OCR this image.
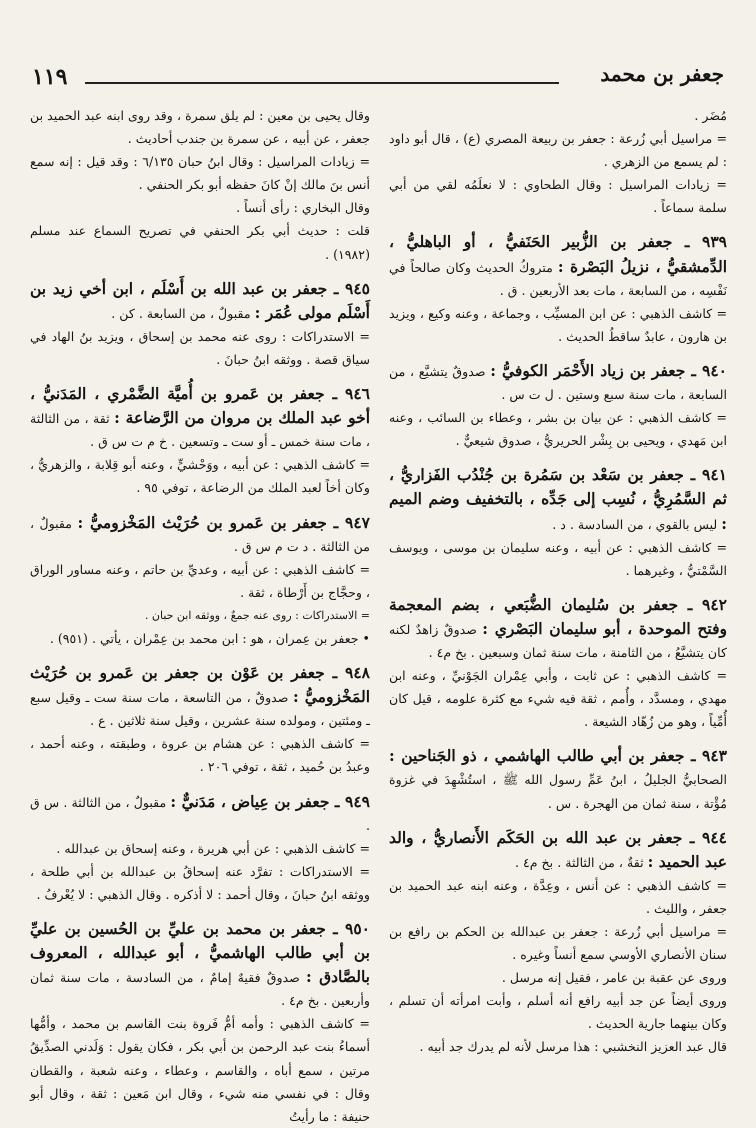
١١٩	جعفر بن محمد

مُضَر .

= مراسيل أبي زُرعة : جعفر بن ربيعة المصري (ع) ، قال أبو داود : لم يسمع من الزهري .

= زيادات المراسيل : وقال الطحاوي : لا نعلَمُه لقي من أبي سلمة سماعاً .

٩٣٩ ـ جعفر بن الزُّبير الحَنَفيُّ ، أو الباهليُّ ، الدِّمشقيُّ ، نزيلُ البَصْرة : متروكُ الحديث وكان صالحاً في نَفْسِه ، من السابعة ، مات بعد الأربعين . ق .

= كاشف الذهبي : عن ابن المسيِّب ، وجماعة ، وعنه وكيع ، ويزيد بن هارون ، عابدٌ ساقطُ الحديث .

٩٤٠ ـ جعفر بن زياد الأَحْمَر الكوفيُّ : صدوقٌ يتشيَّع ، من السابعة ، مات سنة سبع وستين . ل ت س .

= كاشف الذهبي : عن بيان بن بشر ، وعطاء بن السائب ، وعنه ابن مَهدي ، ويحيى بن بِشْر الحريريُّ ، صدوق شيعيٌّ .

٩٤١ ـ جعفر بن سَعْد بن سَمُرة بن جُنْدُب الفَزاريُّ ، ثم السَّمُرِيُّ ، نُسِب إلى جَدِّه ، بالتخفيف وضم الميم : ليس بالقوي ، من السادسة . د .

= كاشف الذهبي : عن أبيه ، وعنه سليمان بن موسى ، ويوسف السَّمْتيُّ ، وغيرهما .

٩٤٢ ـ جعفر بن سُليمان الضُّبَعي ، بضم المعجمة وفتح الموحدة ، أبو سليمان البَصْري : صدوقٌ زاهدٌ لكنه كان يتشيَّعُ ، من الثامنة ، مات سنة ثمان وسبعين . بخ م٤ .

= كاشف الذهبي : عن ثابت ، وأبي عِمْران الجَوْنيِّ ، وعنه ابن مهدي ، ومسدَّد ، وأُمم ، ثقة فيه شيء مع كثرة علومه ، قيل كان أُمِّياً ، وهو من زُهّاد الشيعة .

٩٤٣ ـ جعفر بن أبي طالب الهاشمي ، ذو الجَناحين : الصحابيُّ الجليلُ ، ابنُ عَمِّ رسول الله ﷺ ، استُشْهِدَ في غزوة مُؤْتة ، سنة ثمان من الهجرة . س .

٩٤٤ ـ جعفر بن عبد الله بن الحَكَم الأَنصاريُّ ، والد عبد الحميد : ثقةٌ ، من الثالثة . بخ م٤ .

= كاشف الذهبي : عن أنس ، وعِدَّة ، وعنه ابنه عبد الحميد بن جعفر ، والليث .

= مراسيل أبي زُرعة : جعفر بن عبدالله بن الحكم بن رافع بن سنان الأنصاري الأوسي سمع أنساً وغيره .

وروى عن عقبة بن عامر ، فقيل إنه مرسل .

وروى أيضاً عن جد أبيه رافع أنه أسلم ، وأبت امرأته أن تسلم ، وكان بينهما جارية الحديث .

قال عبد العزيز النخشبي : هذا مرسل لأنه لم يدرك جد أبيه .

وقال يحيى بن معين : لم يلق سمرة ، وقد روى ابنه عبد الحميد بن جعفر ، عن أبيه ، عن سمرة بن جندب أحاديث .

= زيادات المراسيل : وقال ابنُ حبان ٦/١٣٥ : وقد قيل : إنه سمع أنس بنَ مالك إنْ كانَ حفظه أبو بكر الحنفي .

وقال البخاري : رأى أنساً .

قلت : حديث أبي بكر الحنفي في تصريح السماع عند مسلم (١٩٨٢) .

٩٤٥ ـ جعفر بن عبد الله بن أَسْلَم ، ابن أخي زيد بن أَسْلَم مولى عُمَر : مقبولٌ ، من السابعة . كن .

= الاستدراكات : روى عنه محمد بن إسحاق ، ويزيد بنُ الهاد في سياق قصة . ووثقه ابنُ حبانَ .

٩٤٦ ـ جعفر بن عَمرو بن أُميَّة الضَّمْري ، المَدَنيُّ ، أخو عبد الملك بن مروان من الرَّضاعة : ثقة ، من الثالثة ، مات سنة خمس ـ أو ست ـ وتسعين . خ م ت س ق .

= كاشف الذهبي : عن أبيه ، ووَحْشيٍّ ، وعنه أبو قِلابة ، والزهريُّ ، وكان أخاً لعبد الملك من الرضاعة ، توفي ٩٥ .

٩٤٧ ـ جعفر بن عَمرو بن حُرَيْث المَخْزوميُّ : مقبولٌ ، من الثالثة . د ت م س ق .

= كاشف الذهبي : عن أبيه ، وعديِّ بن حاتم ، وعنه مساور الوراق ، وحجَّاج بن أَرْطاة ، ثقة .

= الاستدراكات : روى عنه جمعٌ ، ووثقه ابن حبان .

• جعفر بن عِمران ، هو : ابن محمد بن عِمْران ، يأتي . (٩٥١) .

٩٤٨ ـ جعفر بن عَوْن بن جعفر بن عَمرو بن حُرَيْث المَخْزوميُّ : صدوقٌ ، من التاسعة ، مات سنة ست ـ وقيل سبع ـ ومئتين ، ومولده سنة عشرين ، وقيل سنة ثلاثين . ع .

= كاشف الذهبي : عن هشام بن عروة ، وطبقته ، وعنه أحمد ، وعبدُ بن حُميد ، ثقة ، توفي ٢٠٦ .

٩٤٩ ـ جعفر بن عِياض ، مَدَنيٌّ : مقبولٌ ، من الثالثة . س ق .

= كاشف الذهبي : عن أبي هريرة ، وعنه إسحاق بن عبدالله .

= الاستدراكات : تفرَّد عنه إسحاقُ بن عبدالله بن أبي طلحة ، ووثقه ابنُ حبانَ ، وقال أحمد : لا أذكره . وقال الذهبي : لا يُعْرفُ .

٩٥٠ ـ جعفر بن محمد بن عليِّ بن الحُسين بن عليِّ بن أبي طالب الهاشميُّ ، أبو عبدالله ، المعروف بالصَّادق : صدوقٌ فقيهٌ إمامٌ ، من السادسة ، مات سنة ثمان وأربعين . بخ م٤ .

= كاشف الذهبي : وأمه أمُّ فَروة بنت القاسم بن محمد ، وأمُّها أسماءُ بنت عبد الرحمن بن أبي بكر ، فكان يقول : وَلَدني الصدِّيقُ مرتين ، سمع أباه ، والقاسم ، وعطاء ، وعنه شعبة ، والقطان وقال : في نفسي منه شيء ، وقال ابن مَعين : ثقة ، وقال أبو حنيفة : ما رأيتُ
